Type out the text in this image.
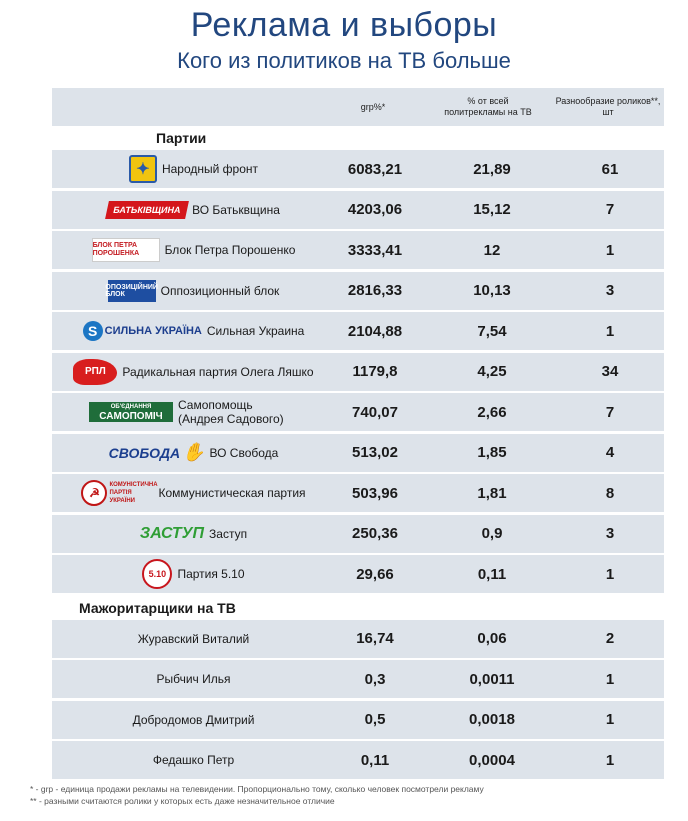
Реклама и выборы
Кого из политиков на ТВ больше
grp%*
% от всей политрекламы на ТВ
Разнообразие роликов**, шт
Партии
✦	Народный фронт	6083,21	21,89	61
БАТЬКІВЩИНА ВО Батьквщина	4203,06	15,12	7
БЛОК ПЕТРА ПОРОШЕНКА	Блок Петра Порошенко	3333,41	12	1
ОПОЗИЦІЙНИЙ БЛОК	Оппозиционный блок	2816,33	10,13	3
S СИЛЬНА УКРАЇНА Сильная Украина	2104,88	7,54	1
РПЛ Радикальная партия Олега Ляшко	1179,8	4,25	34
ОБ'ЄДНАННЯ
САМОПОМІЧ
Самопомощь (Андрея Садового)	740,07	2,66	7
СВОБОДА ✋ ВО Свобода	513,02	1,85	4
☭
КОМУНІСТИЧНА ПАРТІЯ УКРАЇНИ
Коммунистическая партия	503,96	1,81	8
ЗАСТУП Заступ	250,36	0,9	3
5.10 Партия 5.10	29,66	0,11	1
Мажоритарщики на ТВ
Журавский Виталий	16,74	0,06	2
Рыбчич Илья	0,3	0,0011	1
Добродомов Дмитрий	0,5	0,0018	1
Федашко Петр	0,11	0,0004	1
* - grp - единица продажи рекламы на телевидении. Пропорционально тому, сколько человек посмотрели рекламу
** - разными считаются ролики у которых есть даже незначительное отличие
